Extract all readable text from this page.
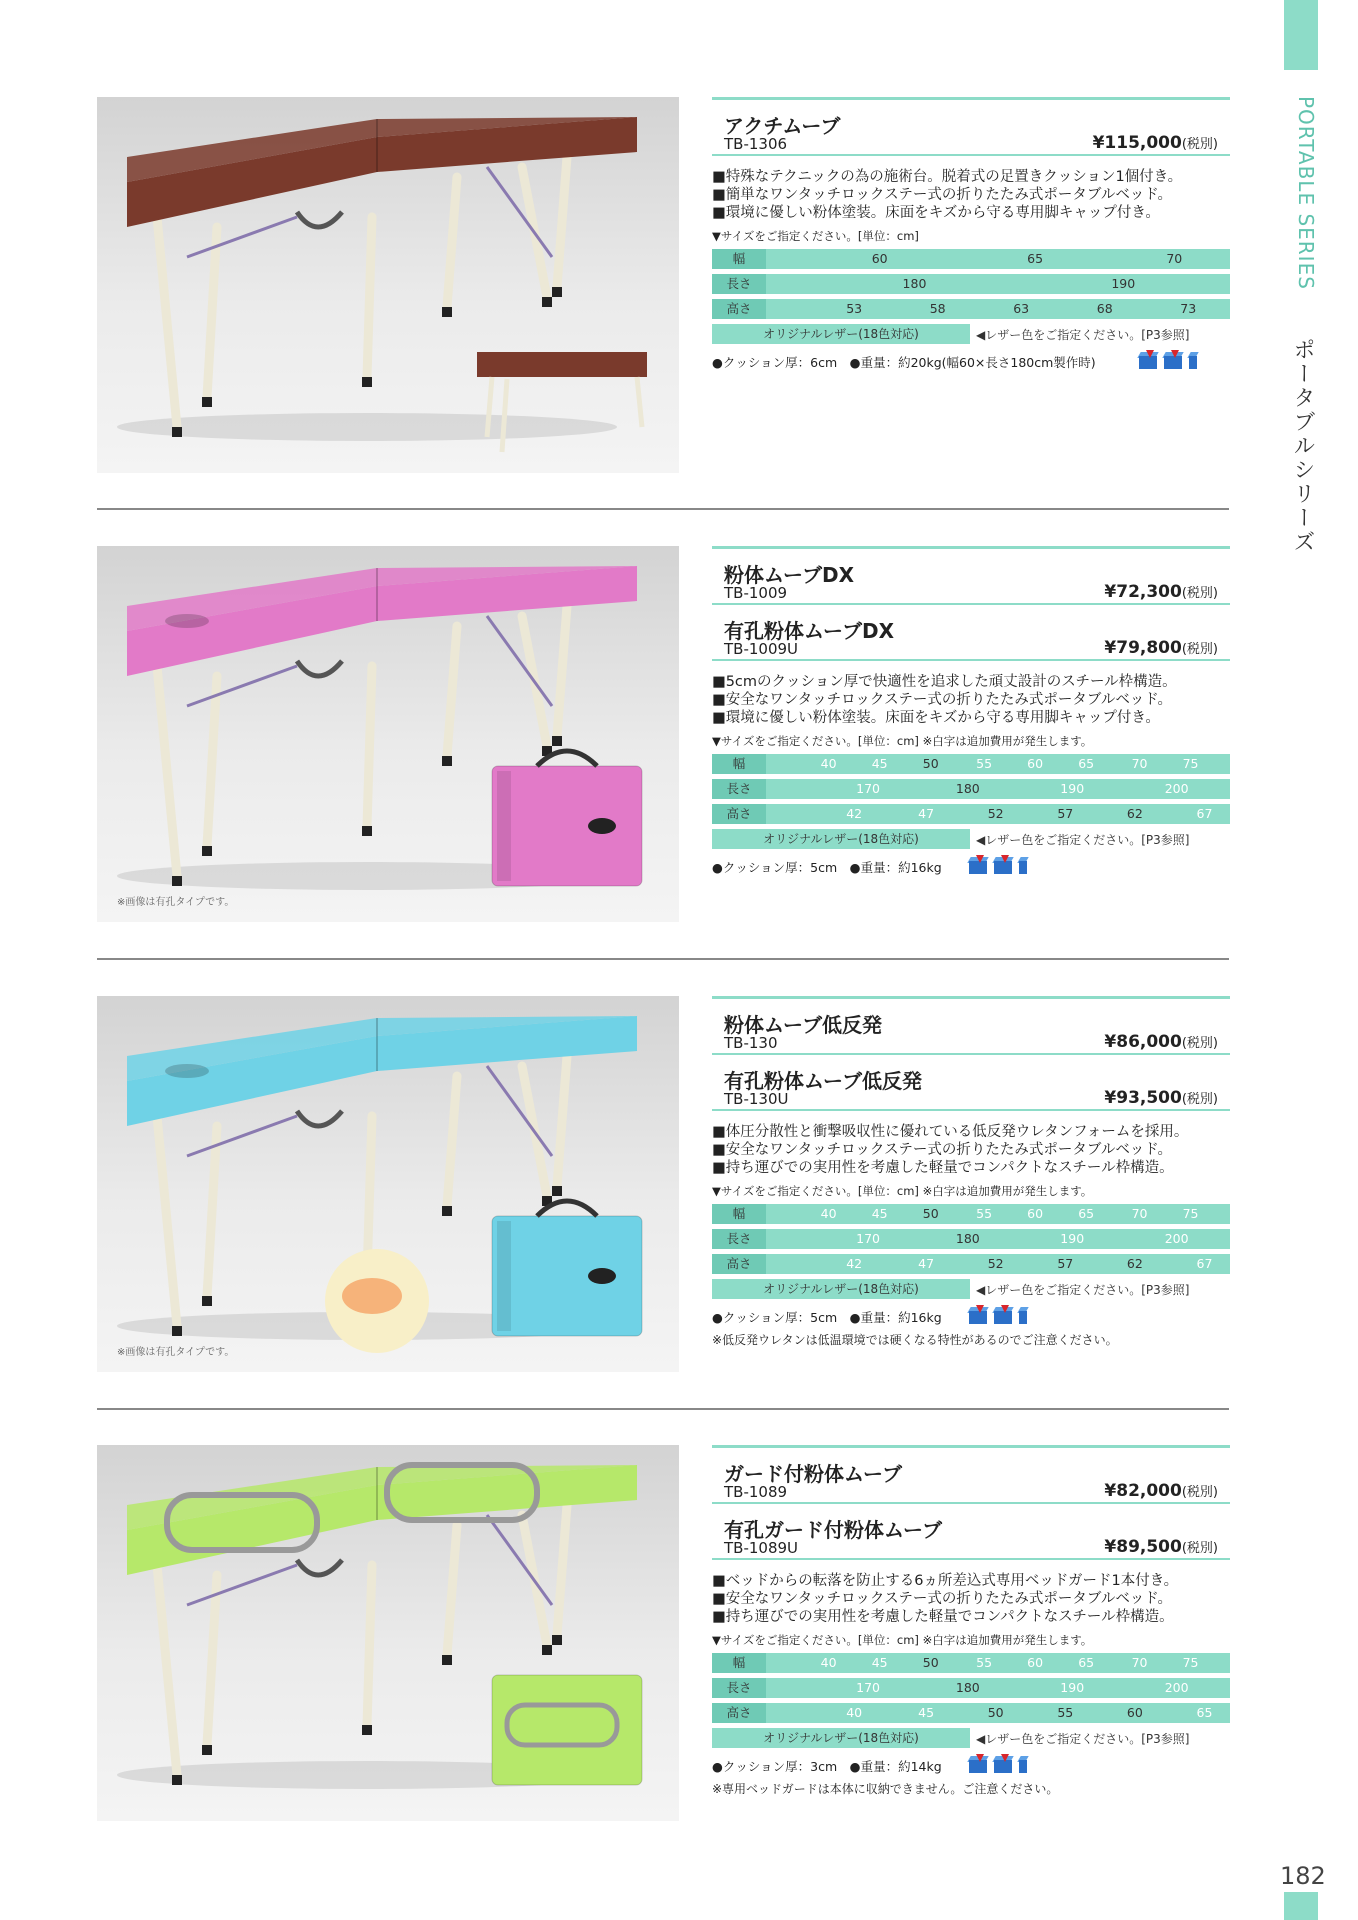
PORTABLE SERIES
ポータブルシリーズ
182
アクチムーブ
TB-1306	¥115,000(税別)
■特殊なテクニックの為の施術台。脱着式の足置きクッション1個付き。
■簡単なワンタッチロックステー式の折りたたみ式ポータブルベッド。
■環境に優しい粉体塗装。床面をキズから守る専用脚キャップ付き。
▼サイズをご指定ください。[単位：cm]
幅	60	65	70
長さ	180	190
高さ	53	58	63	68	73
オリジナルレザー(18色対応)	◀レザー色をご指定ください。[P3参照]
●クッション厚：6cm　●重量：約20kg(幅60×長さ180cm製作時)
※画像は有孔タイプです。
粉体ムーブDX
TB-1009	¥72,300(税別)
有孔粉体ムーブDX
TB-1009U	¥79,800(税別)
■5cmのクッション厚で快適性を追求した頑丈設計のスチール枠構造。
■安全なワンタッチロックステー式の折りたたみ式ポータブルベッド。
■環境に優しい粉体塗装。床面をキズから守る専用脚キャップ付き。
▼サイズをご指定ください。[単位：cm] ※白字は追加費用が発生します。
幅	40	45	50	55	60	65	70	75
長さ	170	180	190	200
高さ	42	47	52	57	62	67
オリジナルレザー(18色対応)	◀レザー色をご指定ください。[P3参照]
●クッション厚：5cm　●重量：約16kg
※画像は有孔タイプです。
粉体ムーブ低反発
TB-130	¥86,000(税別)
有孔粉体ムーブ低反発
TB-130U	¥93,500(税別)
■体圧分散性と衝撃吸収性に優れている低反発ウレタンフォームを採用。
■安全なワンタッチロックステー式の折りたたみ式ポータブルベッド。
■持ち運びでの実用性を考慮した軽量でコンパクトなスチール枠構造。
▼サイズをご指定ください。[単位：cm] ※白字は追加費用が発生します。
幅	40	45	50	55	60	65	70	75
長さ	170	180	190	200
高さ	42	47	52	57	62	67
オリジナルレザー(18色対応)	◀レザー色をご指定ください。[P3参照]
●クッション厚：5cm　●重量：約16kg
※低反発ウレタンは低温環境では硬くなる特性があるのでご注意ください。
ガード付粉体ムーブ
TB-1089	¥82,000(税別)
有孔ガード付粉体ムーブ
TB-1089U	¥89,500(税別)
■ベッドからの転落を防止する6ヵ所差込式専用ベッドガード1本付き。
■安全なワンタッチロックステー式の折りたたみ式ポータブルベッド。
■持ち運びでの実用性を考慮した軽量でコンパクトなスチール枠構造。
▼サイズをご指定ください。[単位：cm] ※白字は追加費用が発生します。
幅	40	45	50	55	60	65	70	75
長さ	170	180	190	200
高さ	40	45	50	55	60	65
オリジナルレザー(18色対応)	◀レザー色をご指定ください。[P3参照]
●クッション厚：3cm　●重量：約14kg
※専用ベッドガードは本体に収納できません。ご注意ください。
